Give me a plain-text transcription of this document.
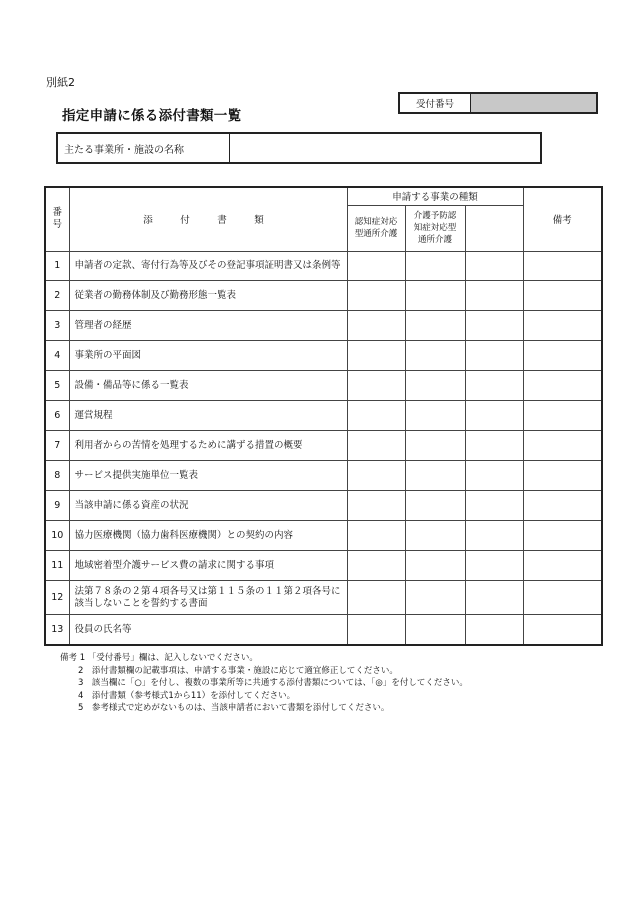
別紙2
指定申請に係る添付書類一覧
受付番号
主たる事業所・施設の名称
番号	添　付　書　類	申請する事業の種類			備考
		認知症対応型通所介護	介護予防認知症対応型通所介護		
1	申請者の定款、寄付行為等及びその登記事項証明書又は条例等				
2	従業者の勤務体制及び勤務形態一覧表				
3	管理者の経歴				
4	事業所の平面図				
5	設備・備品等に係る一覧表				
6	運営規程				
7	利用者からの苦情を処理するために講ずる措置の概要				
8	サービス提供実施単位一覧表				
9	当該申請に係る資産の状況				
10	協力医療機関（協力歯科医療機関）との契約の内容				
11	地域密着型介護サービス費の請求に関する事項				
12	法第７８条の２第４項各号又は第１１５条の１１第２項各号に該当しないことを誓約する書面				
13	役員の氏名等				
備考 1 「受付番号」欄は、記入しないでください。
2　添付書類欄の記載事項は、申請する事業・施設に応じて適宜修正してください。
3　該当欄に「○」を付し、複数の事業所等に共通する添付書類については、「◎」を付してください。
4　添付書類（参考様式1から11）を添付してください。
5　参考様式で定めがないものは、当該申請者において書類を添付してください。
